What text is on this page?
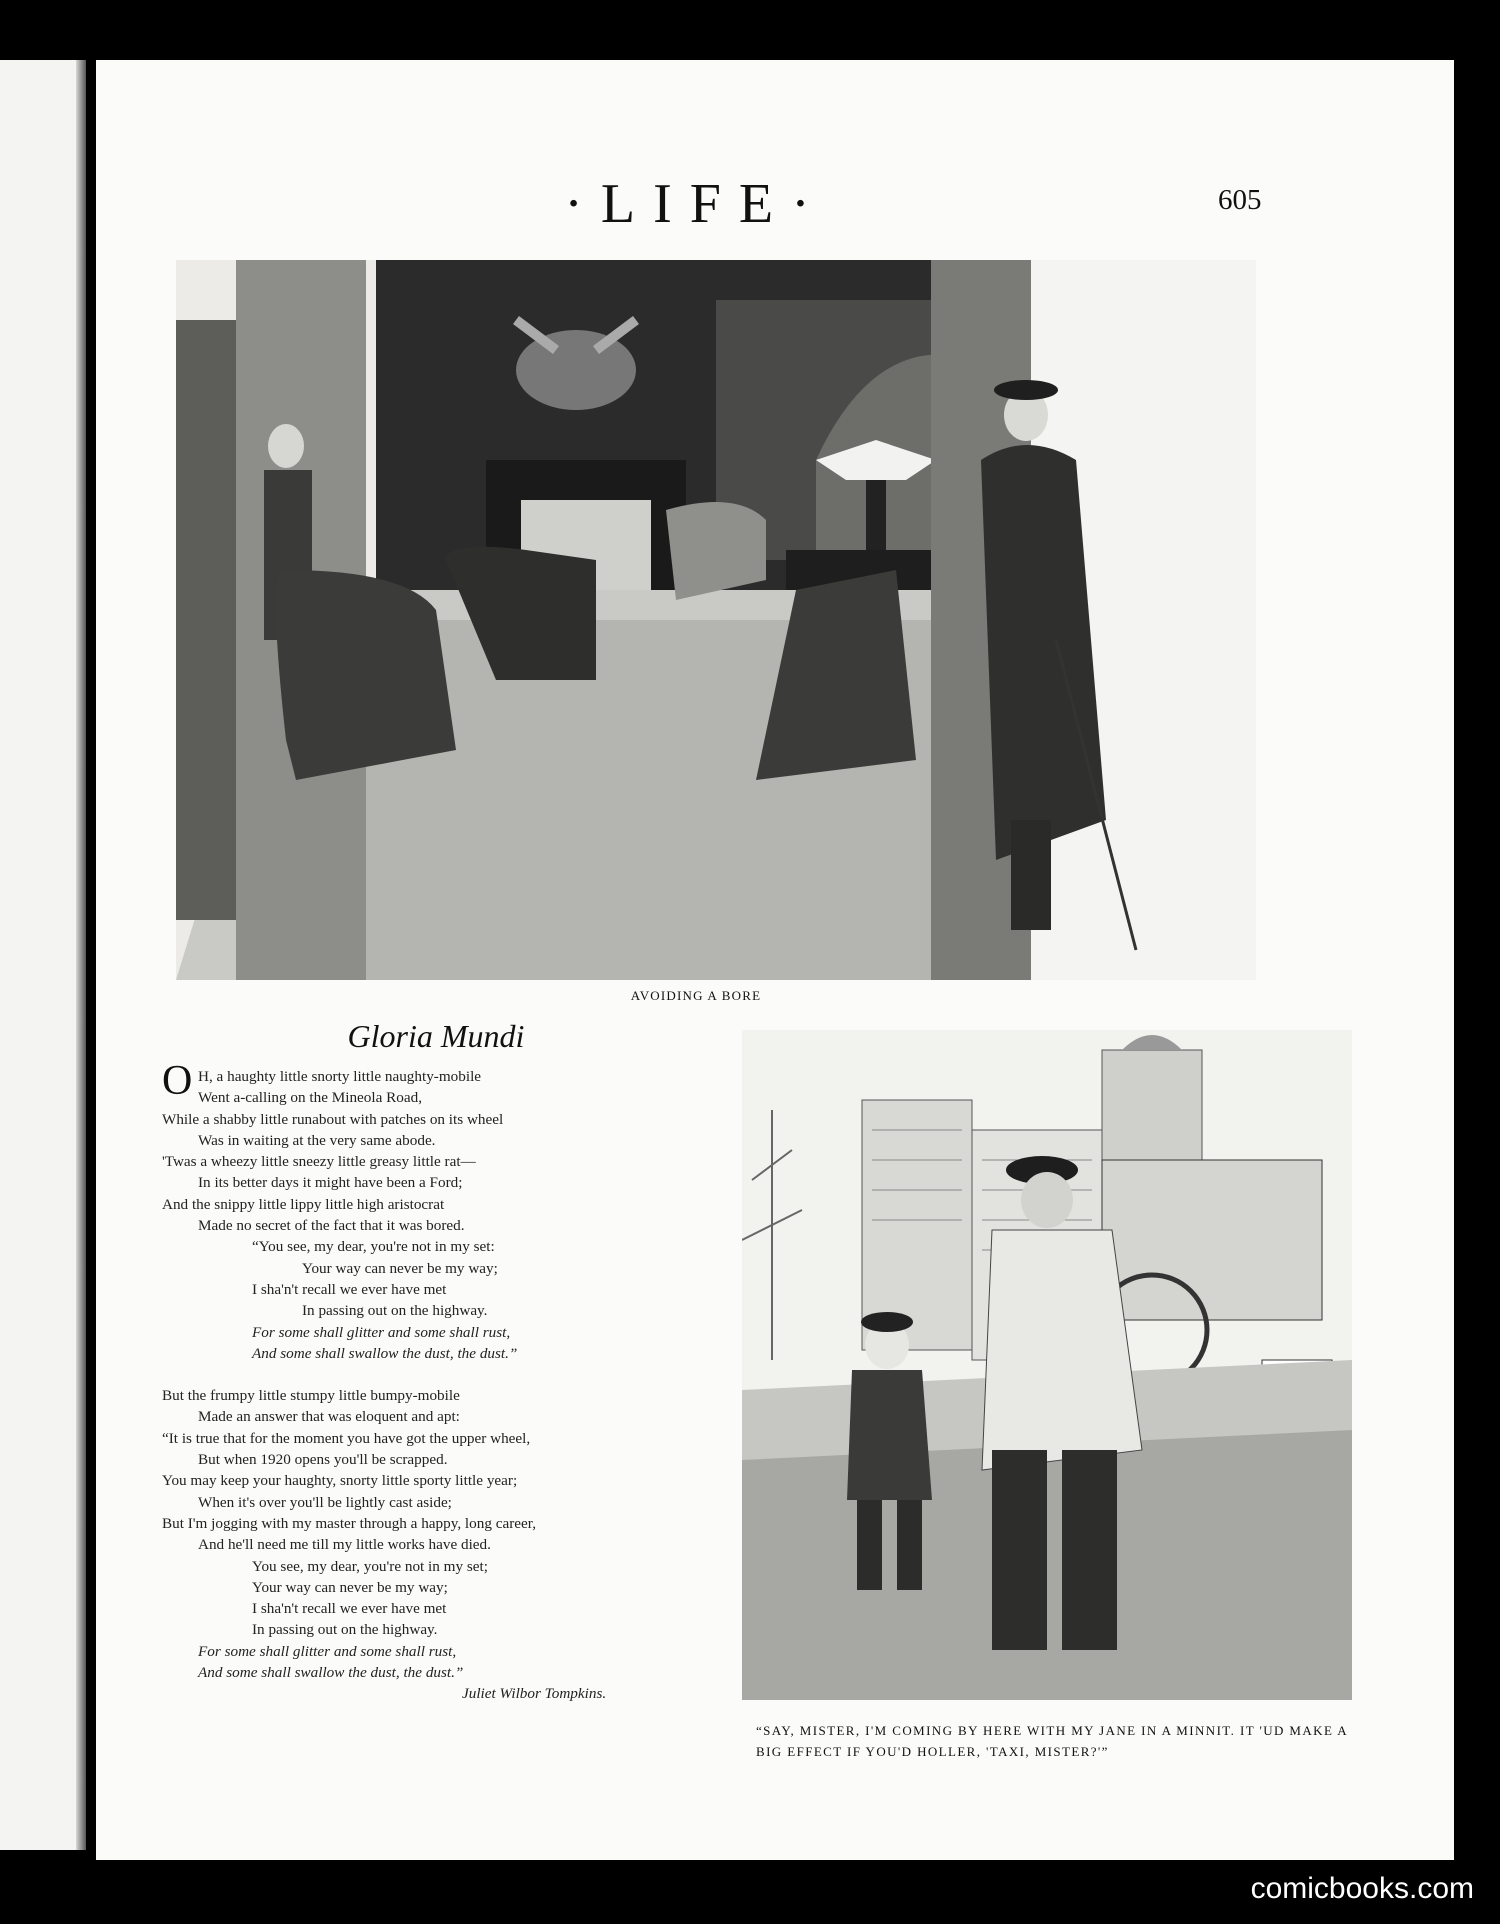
·LIFE·	605
AVOIDING A BORE
Gloria Mundi
O H, a haughty little snorty little naughty-mobile
Went a-calling on the Mineola Road,
While a shabby little runabout with patches on its wheel
Was in waiting at the very same abode.
'Twas a wheezy little sneezy little greasy little rat—
In its better days it might have been a Ford;
And the snippy little lippy little high aristocrat
Made no secret of the fact that it was bored.
“You see, my dear, you're not in my set:
Your way can never be my way;
I sha'n't recall we ever have met
In passing out on the highway.
For some shall glitter and some shall rust,
And some shall swallow the dust, the dust.”
But the frumpy little stumpy little bumpy-mobile
Made an answer that was eloquent and apt:
“It is true that for the moment you have got the upper wheel,
But when 1920 opens you'll be scrapped.
You may keep your haughty, snorty little sporty little year;
When it's over you'll be lightly cast aside;
But I'm jogging with my master through a happy, long career,
And he'll need me till my little works have died.
You see, my dear, you're not in my set;
Your way can never be my way;
I sha'n't recall we ever have met
In passing out on the highway.
For some shall glitter and some shall rust,
And some shall swallow the dust, the dust.”
Juliet Wilbor Tompkins.
“SAY, MISTER, I'M COMING BY HERE WITH MY JANE IN A MINNIT. IT 'UD MAKE A BIG EFFECT IF YOU'D HOLLER, 'TAXI, MISTER?'”
comicbooks.com
